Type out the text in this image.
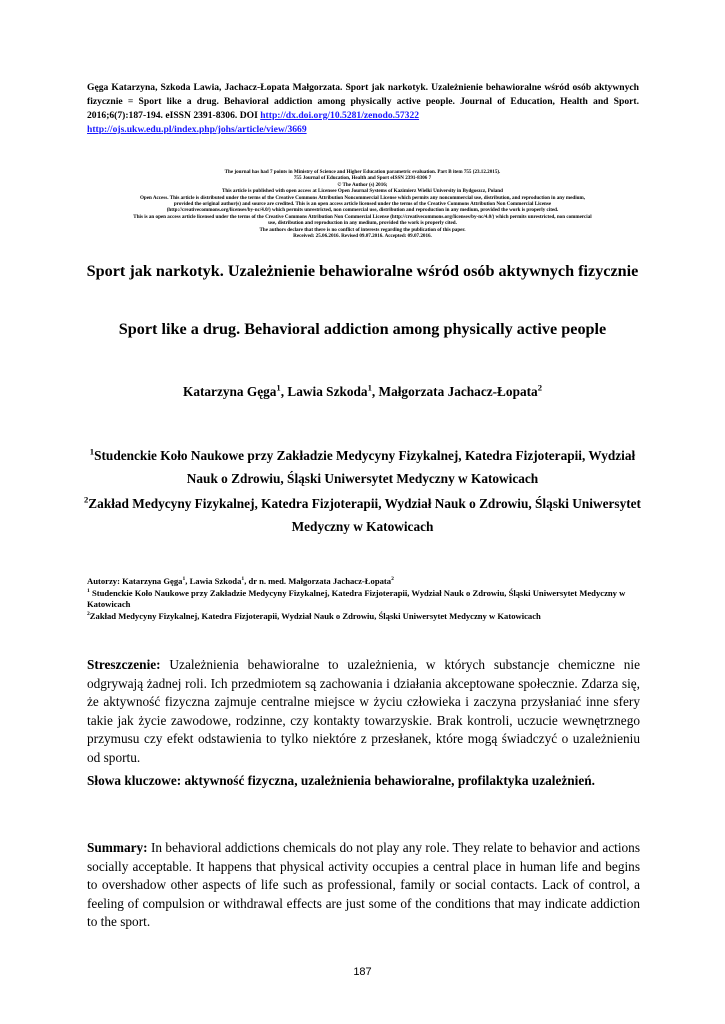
Gęga Katarzyna, Szkoda Lawia, Jachacz-Łopata Małgorzata. Sport jak narkotyk. Uzależnienie behawioralne wśród osób aktywnych fizycznie = Sport like a drug. Behavioral addiction among physically active people. Journal of Education, Health and Sport. 2016;6(7):187-194. eISSN 2391-8306. DOI http://dx.doi.org/10.5281/zenodo.57322
http://ojs.ukw.edu.pl/index.php/johs/article/view/3669
The journal has had 7 points in Ministry of Science and Higher Education parametric evaluation. Part B item 755 (23.12.2015).
755 Journal of Education, Health and Sport eISSN 2391-8306 7
© The Author (s) 2016;
This article is published with open access at Licensee Open Journal Systems of Kazimierz Wielki University in Bydgoszcz, Poland
Open Access. This article is distributed under the terms of the Creative Commons Attribution Noncommercial License which permits any noncommercial use, distribution, and reproduction in any medium,
provided the original author(s) and source are credited. This is an open access article licensed under the terms of the Creative Commons Attribution Non Commercial License
(http://creativecommons.org/licenses/by-nc/4.0/) which permits unrestricted, non commercial use, distribution and reproduction in any medium, provided the work is properly cited.
This is an open access article licensed under the terms of the Creative Commons Attribution Non Commercial License (http://creativecommons.org/licenses/by-nc/4.0/) which permits unrestricted, non commercial
use, distribution and reproduction in any medium, provided the work is properly cited.
The authors declare that there is no conflict of interests regarding the publication of this paper.
Received: 25.06.2016. Revised 09.07.2016. Accepted: 09.07.2016.
Sport jak narkotyk. Uzależnienie behawioralne wśród osób aktywnych fizycznie
Sport like a drug. Behavioral addiction among physically active people
Katarzyna Gęga$^1$, Lawia Szkoda$^1$, Małgorzata Jachacz-Łopata$^2$
$^1$Studenckie Koło Naukowe przy Zakładzie Medycyny Fizykalnej, Katedra Fizjoterapii, Wydział Nauk o Zdrowiu, Śląski Uniwersytet Medyczny w Katowicach
$^2$Zakład Medycyny Fizykalnej, Katedra Fizjoterapii, Wydział Nauk o Zdrowiu, Śląski Uniwersytet Medyczny w Katowicach
Autorzy: Katarzyna Gęga$^1$, Lawia Szkoda$^1$, dr n. med. Małgorzata Jachacz-Łopata$^2$
$^1$ Studenckie Koło Naukowe przy Zakładzie Medycyny Fizykalnej, Katedra Fizjoterapii, Wydział Nauk o Zdrowiu, Śląski Uniwersytet Medyczny w Katowicach
$^2$Zakład Medycyny Fizykalnej, Katedra Fizjoterapii, Wydział Nauk o Zdrowiu, Śląski Uniwersytet Medyczny w Katowicach
Streszczenie: Uzależnienia behawioralne to uzależnienia, w których substancje chemiczne nie odgrywają żadnej roli. Ich przedmiotem są zachowania i działania akceptowane społecznie. Zdarza się, że aktywność fizyczna zajmuje centralne miejsce w życiu człowieka i zaczyna przysłaniać inne sfery takie jak życie zawodowe, rodzinne, czy kontakty towarzyskie. Brak kontroli, uczucie wewnętrznego przymusu czy efekt odstawienia to tylko niektóre z przesłanek, które mogą świadczyć o uzależnieniu od sportu.
Słowa kluczowe: aktywność fizyczna, uzależnienia behawioralne, profilaktyka uzależnień.
Summary: In behavioral addictions chemicals do not play any role. They relate to behavior and actions socially acceptable. It happens that physical activity occupies a central place in human life and begins to overshadow other aspects of life such as professional, family or social contacts. Lack of control, a feeling of compulsion or withdrawal effects are just some of the conditions that may indicate addiction to the sport.
187
